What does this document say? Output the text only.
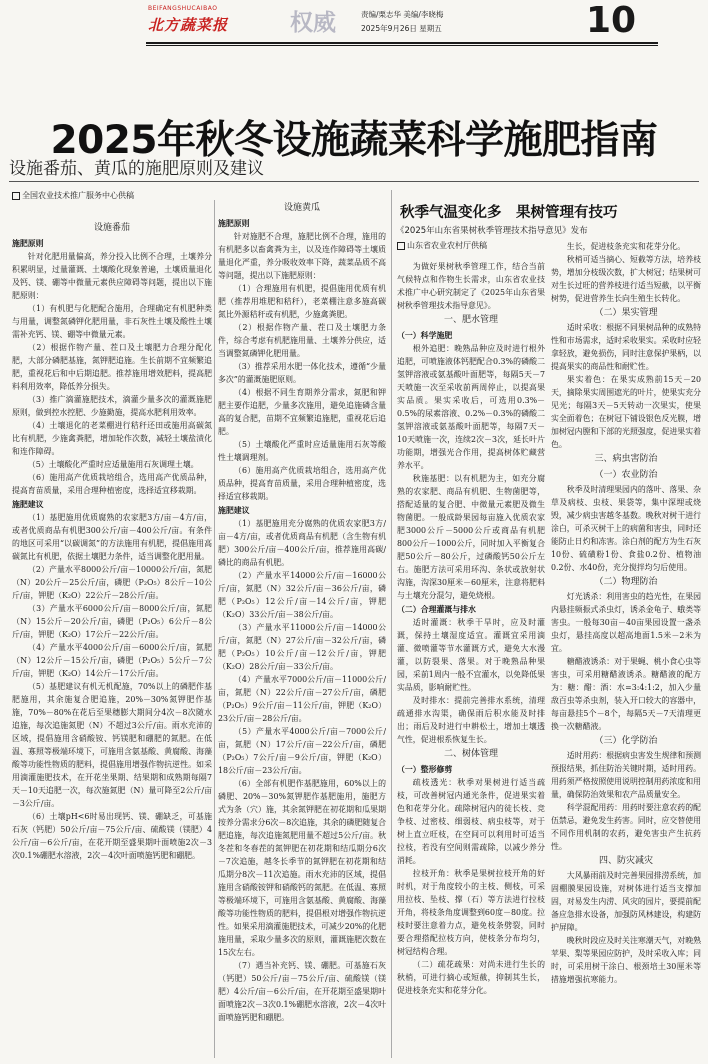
BEIFANGSHUCAIBAO
北方蔬菜报	权威	责编/栗志华 美编/李晓梅
2025年9月26日 星期五	10
2025年秋冬设施蔬菜科学施肥指南
设施番茄、黄瓜的施肥原则及建议
全国农业技术推广服务中心供稿

设施番茄

施肥原则

针对化肥用量偏高，养分投入比例不合理，土壤养分积累明显，过量灌溉、土壤酸化现象普遍，土壤质量退化及钙、镁、硼等中微量元素供应障碍等问题，提出以下施肥原则：

（1）有机肥与化肥配合施用，合理确定有机肥种类与用量，调整氮磷钾化肥用量，非石灰性土壤及酸性土壤需补充钙、镁、硼等中微量元素。

（2）根据作物产量、茬口及土壤肥力合理分配化肥，大部分磷肥基施，氮钾肥追施。生长前期不宜频繁追肥，重视花后和中后期追肥。推荐施用增效肥料，提高肥料利用效率，降低养分损失。

（3）推广滴灌施肥技术，滴灌少量多次的灌溉施肥原则，做到控水控肥、少施勤施，提高水肥利用效率。

（4）土壤退化的老菜棚进行秸秆还田或施用高碳氮比有机肥，少施禽粪肥，增加轮作次数，减轻土壤盐渍化和连作障碍。

（5）土壤酸化严重时应适量施用石灰调理土壤。

（6）施用高产优质栽培组合，选用高产优质品种，提高育苗质量，采用合理种植密度，选择适宜移栽期。

施肥建议

（1）基肥施用优质腐熟的农家肥3方/亩－4方/亩，或者优质商品有机肥300公斤/亩－400公斤/亩。有条件的地区可采用“以碳调氮”的方法施用有机肥，提倡施用高碳氮比有机肥，依据土壤肥力条件，适当调整化肥用量。

（2）产量水平8000公斤/亩－10000公斤/亩，氮肥（N）20公斤－25公斤/亩，磷肥（P₂O₅）8公斤－10公斤/亩，钾肥（K₂O）22公斤－28公斤/亩。

（3）产量水平6000公斤/亩－8000公斤/亩，氮肥（N）15公斤－20公斤/亩，磷肥（P₂O₅）6公斤－8公斤/亩，钾肥（K₂O）17公斤－22公斤/亩。

（4）产量水平4000公斤/亩－6000公斤/亩，氮肥（N）12公斤－15公斤/亩，磷肥（P₂O₅）5公斤－7公斤/亩，钾肥（K₂O）14公斤－17公斤/亩。

（5）基肥建议有机无机配施，70%以上的磷肥作基肥施用，其余施复合肥追施，20%－30%氮钾肥作基施，70%－80%在花后至果穗膨大期间分4次－8次随水追施，每次追施氮肥（N）不超过3公斤/亩。雨水充沛的区域，提倡施用含硝酸铵、钙镁肥和硼肥的氮肥。在低温、寡照等极端环境下，可施用含氨基酸、黄腐酸、海藻酸等功能性物质的肥料，提倡施用增强作物抗逆性。如采用滴灌施肥技术，在开花坐果期、结果期和成熟期每隔7天－10天追肥一次，每次施氮肥（N）量可降至2公斤/亩－3公斤/亩。

（6）土壤pH<6时易出现钙、镁、硼缺乏，可基施石灰（钙肥）50公斤/亩－75公斤/亩、硫酸镁（镁肥）4公斤/亩－6公斤/亩，在花开期至盛果期叶面喷施2次－3次0.1%硼肥水溶液，2次－4次叶面喷施钙肥和硼肥。

设施黄瓜

施肥原则

针对施肥不合理，施肥比例不合理，施用的有机肥多以畜禽粪为主，以及连作障碍等土壤质量退化严重，养分吸收效率下降，蔬菜品质不高等问题，提出以下施肥原则：

（1）合理施用有机肥，提倡施用优质有机肥（推荐用堆肥和秸秆），老菜棚注意多施高碳氮比外源秸秆或有机肥，少施禽粪肥。

（2）根据作物产量、茬口及土壤肥力条件，综合考虑有机肥施用量、土壤养分供应，适当调整氮磷钾化肥用量。

（3）推荐采用水肥一体化技术，遵循“少量多次”的灌溉施肥原则。

（4）根据不同生育期养分需求，氮肥和钾肥主要作追肥，少量多次施用，避免追施磷含量高的复合肥，苗期不宜频繁追施肥，重视花后追肥。

（5）土壤酸化严重时应适量施用石灰等酸性土壤调理剂。

（6）施用高产优质栽培组合，选用高产优质品种，提高育苗质量，采用合理种植密度，选择适宜移栽期。

施肥建议

（1）基肥施用充分腐熟的优质农家肥3方/亩－4方/亩，或者优质商品有机肥（含生物有机肥）300公斤/亩－400公斤/亩，推荐施用高碳/磷比的商品有机肥。

（2）产量水平14000公斤/亩－16000公斤/亩，氮肥（N）32公斤/亩－36公斤/亩，磷肥（P₂O₅）12公斤/亩－14公斤/亩，钾肥（K₂O）33公斤/亩－38公斤/亩。

（3）产量水平11000公斤/亩－14000公斤/亩，氮肥（N）27公斤/亩－32公斤/亩，磷肥（P₂O₅）10公斤/亩－12公斤/亩，钾肥（K₂O）28公斤/亩－33公斤/亩。

（4）产量水平7000公斤/亩－11000公斤/亩，氮肥（N）22公斤/亩－27公斤/亩，磷肥（P₂O₅）9公斤/亩－11公斤/亩，钾肥（K₂O）23公斤/亩－28公斤/亩。

（5）产量水平4000公斤/亩－7000公斤/亩，氮肥（N）17公斤/亩－22公斤/亩，磷肥（P₂O₅）7公斤/亩－9公斤/亩，钾肥（K₂O）18公斤/亩－23公斤/亩。

（6）全部有机肥作基肥施用，60%以上的磷肥、20%－30%氮钾肥作基肥施用，施肥方式为条（穴）施，其余氮钾肥在初花期和瓜果期按养分需求分6次－8次追施，其余的磷肥随复合肥追施，每次追施氮肥用量不超过5公斤/亩。秋冬茬和冬春茬的氮钾肥在初花期和结瓜期分6次－7次追施，越冬长季节的氮钾肥在初花期和结瓜期分8次－11次追施。雨水充沛的区域，提倡施用含硝酸铵钾和硝酸钙的氮肥。在低温、寡照等极端环境下，可施用含氨基酸、黄腐酸、海藻酸等功能性物质的肥料，提倡根对增强作物抗逆性。如果采用滴灌施肥技术，可减少20%的化肥施用量，采取少量多次的原则，灌溉施肥次数在15次左右。

（7）遇当补充钙、镁、硼肥。可基施石灰（钙肥）50公斤/亩－75公斤/亩、硫酸镁（镁肥）4公斤/亩－6公斤/亩，在开花期至盛果期叶面喷施2次－3次0.1%硼肥水溶液，2次－4次叶面喷施钙肥和硼肥。

秋季气温变化多　果树管理有技巧
《2025年山东省果树秋季管理技术指导意见》发布
山东省农业农村厅供稿

为做好果树秋季管理工作，结合当前气候特点和作物生长需求，山东省农业技术推广中心研究制定了《2025年山东省果树秋季管理技术指导意见》。

一、肥水管理

（一）科学施肥

根外追肥：晚熟品种应及时进行根外追肥，可喷施液体钙肥配合0.3%的磷酸二氢钾溶液或氨基酸叶面肥等，每隔5天－7天喷施一次至采收前两周停止，以提高果实品质。果实采收后，可选用0.3%－0.5%的尿素溶液、0.2%－0.3%的磷酸二氢钾溶液或氨基酸叶面肥等，每隔7天－10天喷施一次，连续2次－3次，延长叶片功能期，增强光合作用，提高树体贮藏营养水平。

秋施基肥：以有机肥为主，如充分腐熟的农家肥、商品有机肥、生物菌肥等，搭配适量的复合肥、中微量元素肥及微生物菌肥。一般成龄果园每亩施入优质农家肥3000公斤－5000公斤或商品有机肥800公斤－1000公斤，同时加入平衡复合肥50公斤－80公斤，过磷酸钙50公斤左右。施肥方法可采用环沟、条状或放射状沟施，沟深30厘米－60厘米，注意将肥料与土壤充分混匀，避免烧根。

（二）合理灌溉与排水

适时灌溉：秋季干旱时，应及时灌溉，保持土壤湿度适宜。灌溉宜采用滴灌、微喷灌等节水灌溉方式，避免大水漫灌，以防裂果、落果。对于晚熟品种果园，采前1周内一般不宜灌水，以免降低果实品质，影响耐贮性。

及时排水：提前完善排水系统，清理疏通排水沟渠，确保雨后积水能及时排出；雨后及时进行中耕松土，增加土壤透气性，促进根系恢复生长。

二、树体管理

（一）整形修剪

疏枝透光：秋季对果树进行适当疏枝，可改善树冠内通光条件，促进果实着色和花芽分化。疏除树冠内的徒长枝、竞争枝、过密枝、细弱枝、病虫枝等，对于树上直立旺枝，在空间可以利用时可适当拉枝，若没有空间则需疏除，以减少养分消耗。

拉枝开角：秋季是果树拉枝开角的好时机，对于角度较小的主枝、侧枝，可采用拉枝、坠枝、撑（石）等方法进行拉枝开角，将枝条角度调整到60度－80度。拉枝时要注意着力点，避免枝条劈裂，同时要合理搭配拉枝方向，使枝条分布均匀，树冠结构合理。

（二）疏花疏果：对尚未进行生长的秋梢，可进行摘心或短截，抑制其生长，促进枝条充实和花芽分化。

生长，促进枝条充实和花芽分化。

秋梢可适当摘心、短截等方法，培养枝势，增加分枝级次数，扩大树冠；结果树可对生长过旺的营养枝进行适当短截，以平衡树势，促进营养生长向生殖生长转化。

（二）果实管理

适时采收：根据不同果树品种的成熟特性和市场需求，适时采收果实。采收时应轻拿轻放，避免损伤，同时注意保护果柄，以提高果实的商品性和耐贮性。

果实着色：在果实成熟前15天－20天，摘除果实周围遮光的叶片，使果实充分见光；每隔3天－5天转动一次果实，使果实全面着色；在树冠下铺设银色反光膜，增加树冠内膛和下部的光照强度，促进果实着色。

三、病虫害防治

（一）农业防治

秋季及时清理果园内的落叶、落果、杂草及病枝、虫枝、果袋等，集中深埋或烧毁，减少病虫害越冬基数。晚秋对树干进行涂白，可杀灭树干上的病菌和害虫，同时还能防止日灼和冻害。涂白剂的配方为生石灰10份、硫磺粉1份、食盐0.2份、植物油0.2份、水40份，充分搅拌均匀后使用。

（二）物理防治

灯光诱杀：利用害虫的趋光性，在果园内悬挂频振式杀虫灯，诱杀金龟子、蛾类等害虫。一般每30亩－40亩果园设置一盏杀虫灯，悬挂高度以超高地面1.5米－2米为宜。

糖醋液诱杀：对于果蝇、桃小食心虫等害虫，可采用糖醋液诱杀。糖醋液的配方为：糖：醋：酒：水=3:4:1:2，加入少量敌百虫等杀虫剂，装入开口较大的容器中，每亩悬挂5个－8个，每隔5天－7天清理更换一次糖醋液。

（三）化学防治

适时用药：根据病虫害发生规律和预测预报结果，抓住防治关键时期，适时用药。用药须严格按照使用说明控制用药浓度和用量，确保防治效果和农产品质量安全。

科学混配用药：用药时要注意农药的配伍禁忌，避免发生药害。同时，应交替使用不同作用机制的农药，避免害虫产生抗药性。

四、防灾减灾

大风暴雨前及时完善果园排涝系统，加固棚膜果园设施，对树体进行适当支撑加固，对易发生内涝、风灾的园片，要提前配备应急排水设备，加强防风林建设，构建防护屏障。

晚秋时段应及时关注寒潮天气，对晚熟苹果、梨等果园应防护，及时采收入库；同时，可采用树干涂白、根颈培土30厘米等措施增强抗寒能力。
